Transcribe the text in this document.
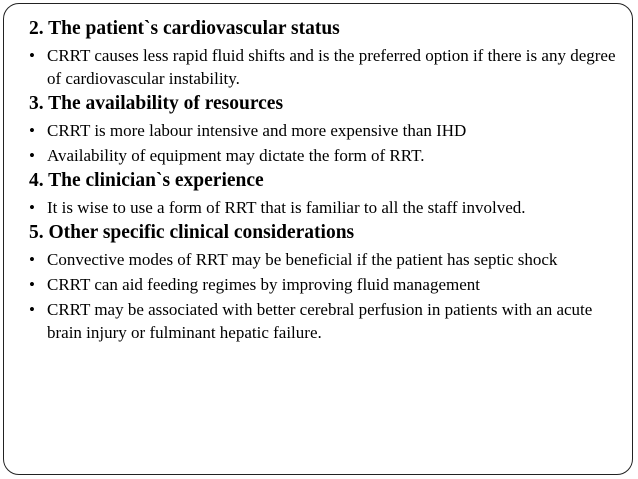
2. The patient`s cardiovascular status

• CRRT causes less rapid fluid shifts and is the preferred option if there is any degree of cardiovascular instability.

3. The availability of resources

• CRRT is more labour intensive and more expensive than IHD

• Availability of equipment may dictate the form of RRT.

4. The clinician`s experience

• It is wise to use a form of RRT that is familiar to all the staff involved.

5. Other specific clinical considerations

• Convective modes of RRT may be beneficial if the patient has septic shock

• CRRT can aid feeding regimes by improving fluid management

• CRRT may be associated with better cerebral perfusion in patients with an acute brain injury or fulminant hepatic failure.
